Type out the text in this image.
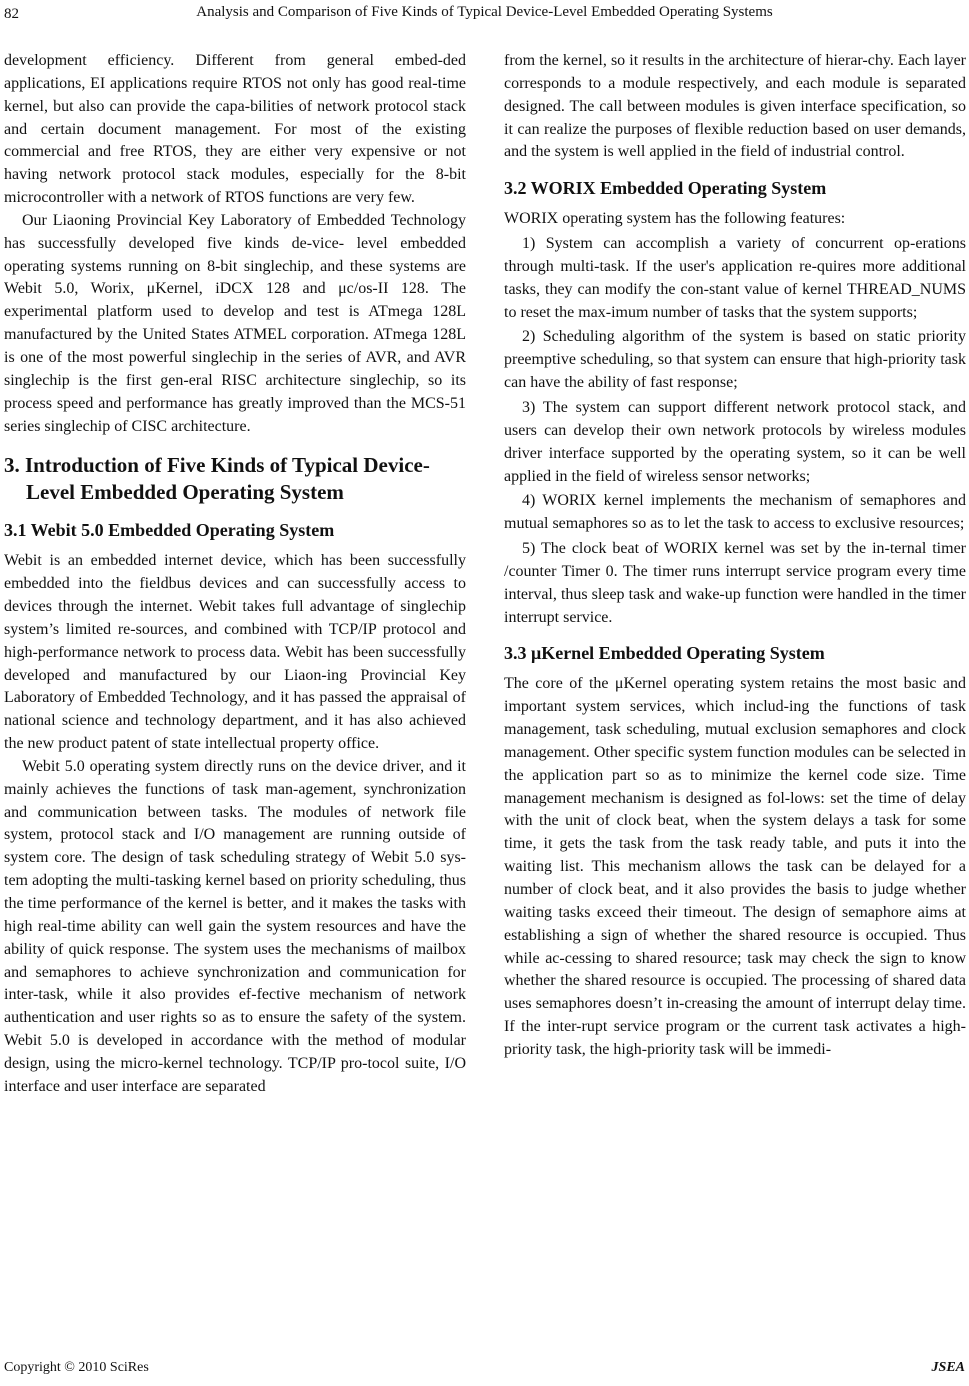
82	Analysis and Comparison of Five Kinds of Typical Device-Level Embedded Operating Systems

development efficiency. Different from general embed-ded applications, EI applications require RTOS not only has good real-time kernel, but also can provide the capa-bilities of network protocol stack and certain document management. For most of the existing commercial and free RTOS, they are either very expensive or not having network protocol stack modules, especially for the 8-bit microcontroller with a network of RTOS functions are very few.

Our Liaoning Provincial Key Laboratory of Embedded Technology has successfully developed five kinds de-vice- level embedded operating systems running on 8-bit singlechip, and these systems are Webit 5.0, Worix, μKernel, iDCX 128 and μc/os-II 128. The experimental platform used to develop and test is ATmega 128L manufactured by the United States ATMEL corporation. ATmega 128L is one of the most powerful singlechip in the series of AVR, and AVR singlechip is the first gen-eral RISC architecture singlechip, so its process speed and performance has greatly improved than the MCS-51 series singlechip of CISC architecture.

3. Introduction of Five Kinds of Typical Device-Level Embedded Operating System
3.1 Webit 5.0 Embedded Operating System

Webit is an embedded internet device, which has been successfully embedded into the fieldbus devices and can successfully access to devices through the internet. Webit takes full advantage of singlechip system’s limited re-sources, and combined with TCP/IP protocol and high-performance network to process data. Webit has been successfully developed and manufactured by our Liaon-ing Provincial Key Laboratory of Embedded Technology, and it has passed the appraisal of national science and technology department, and it has also achieved the new product patent of state intellectual property office.

Webit 5.0 operating system directly runs on the device driver, and it mainly achieves the functions of task man-agement, synchronization and communication between tasks. The modules of network file system, protocol stack and I/O management are running outside of system core. The design of task scheduling strategy of Webit 5.0 sys-tem adopting the multi-tasking kernel based on priority scheduling, thus the time performance of the kernel is better, and it makes the tasks with high real-time ability can well gain the system resources and have the ability of quick response. The system uses the mechanisms of mailbox and semaphores to achieve synchronization and communication for inter-task, while it also provides ef-fective mechanism of network authentication and user rights so as to ensure the safety of the system. Webit 5.0 is developed in accordance with the method of modular design, using the micro-kernel technology. TCP/IP pro-tocol suite, I/O interface and user interface are separated

from the kernel, so it results in the architecture of hierar-chy. Each layer corresponds to a module respectively, and each module is separated designed. The call between modules is given interface specification, so it can realize the purposes of flexible reduction based on user demands, and the system is well applied in the field of industrial control.

3.2 WORIX Embedded Operating System

WORIX operating system has the following features:

1) System can accomplish a variety of concurrent op-erations through multi-task. If the user's application re-quires more additional tasks, they can modify the con-stant value of kernel THREAD_NUMS to reset the max-imum number of tasks that the system supports;

2) Scheduling algorithm of the system is based on static priority preemptive scheduling, so that system can ensure that high-priority task can have the ability of fast response;

3) The system can support different network protocol stack, and users can develop their own network protocols by wireless modules driver interface supported by the operating system, so it can be well applied in the field of wireless sensor networks;

4) WORIX kernel implements the mechanism of semaphores and mutual semaphores so as to let the task to access to exclusive resources;

5) The clock beat of WORIX kernel was set by the in-ternal timer /counter Timer 0. The timer runs interrupt service program every time interval, thus sleep task and wake-up function were handled in the timer interrupt service.

3.3 μKernel Embedded Operating System

The core of the μKernel operating system retains the most basic and important system services, which includ-ing the functions of task management, task scheduling, mutual exclusion semaphores and clock management. Other specific system function modules can be selected in the application part so as to minimize the kernel code size. Time management mechanism is designed as fol-lows: set the time of delay with the unit of clock beat, when the system delays a task for some time, it gets the task from the task ready table, and puts it into the waiting list. This mechanism allows the task can be delayed for a number of clock beat, and it also provides the basis to judge whether waiting tasks exceed their timeout. The design of semaphore aims at establishing a sign of whether the shared resource is occupied. Thus while ac-cessing to shared resource; task may check the sign to know whether the shared resource is occupied. The processing of shared data uses semaphores doesn’t in-creasing the amount of interrupt delay time. If the inter-rupt service program or the current task activates a high-priority task, the high-priority task will be immedi-

Copyright © 2010 SciRes	JSEA
